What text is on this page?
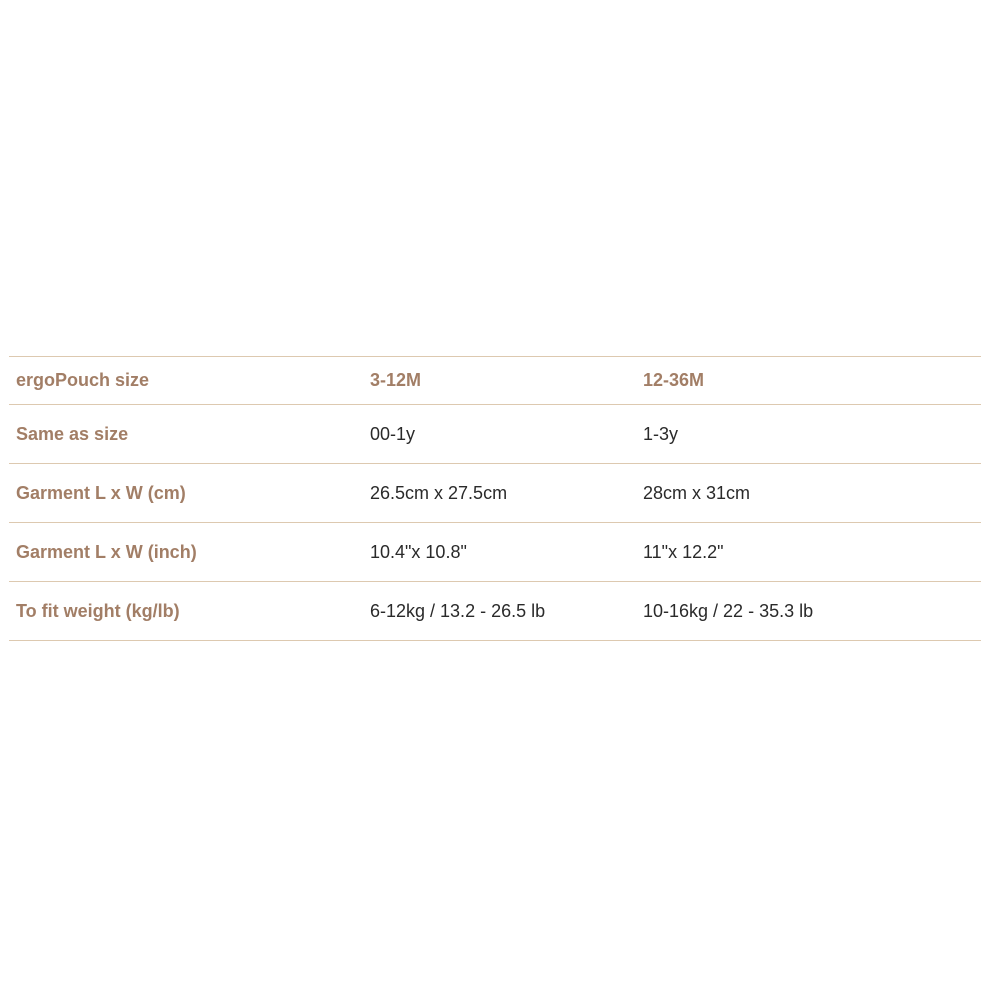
ergoPouch size	3-12M	12-36M
Same as size	00-1y	1-3y
Garment L x W (cm)	26.5cm x 27.5cm	28cm x 31cm
Garment L x W (inch)	10.4"x 10.8"	11"x 12.2"
To fit weight (kg/lb)	6-12kg / 13.2 - 26.5 lb	10-16kg / 22 - 35.3 lb
